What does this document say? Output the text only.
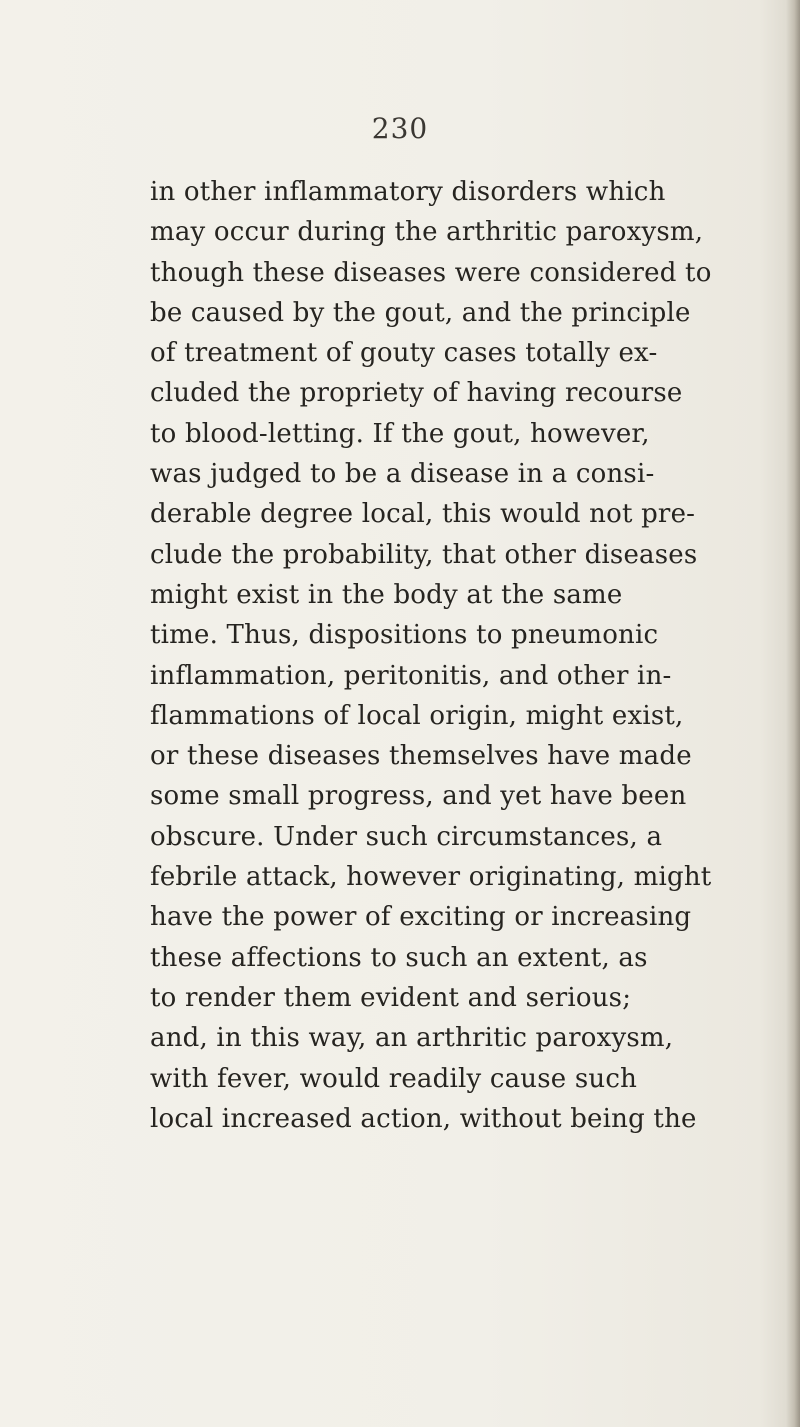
230
in other inflammatory disorders which
may occur during the arthritic paroxysm,
though these diseases were considered to
be caused by the gout, and the principle
of treatment of gouty cases totally ex-
cluded the propriety of having recourse
to blood-letting. If the gout, however,
was judged to be a disease in a consi-
derable degree local, this would not pre-
clude the probability, that other diseases
might exist in the body at the same
time. Thus, dispositions to pneumonic
inflammation, peritonitis, and other in-
flammations of local origin, might exist,
or these diseases themselves have made
some small progress, and yet have been
obscure. Under such circumstances, a
febrile attack, however originating, might
have the power of exciting or increasing
these affections to such an extent, as
to render them evident and serious;
and, in this way, an arthritic paroxysm,
with fever, would readily cause such
local increased action, without being the
